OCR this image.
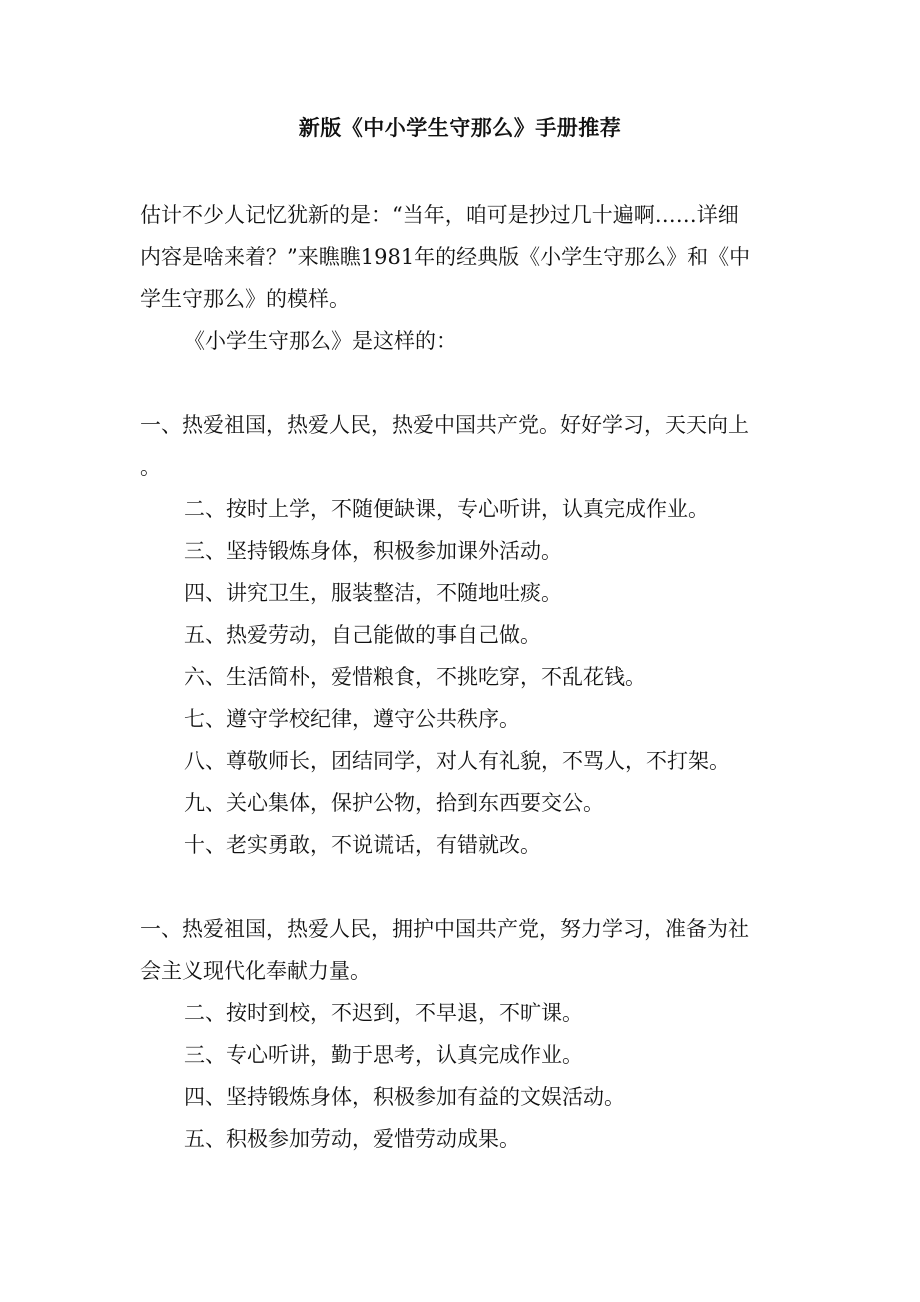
新版《中小学生守那么》手册推荐
估计不少人记忆犹新的是：“当年，咱可是抄过几十遍啊……详细
内容是啥来着？”来瞧瞧1981年的经典版《小学生守那么》和《中
学生守那么》的模样。
《小学生守那么》是这样的：
一、热爱祖国，热爱人民，热爱中国共产党。好好学习，天天向上
。
二、按时上学，不随便缺课，专心听讲，认真完成作业。
三、坚持锻炼身体，积极参加课外活动。
四、讲究卫生，服装整洁，不随地吐痰。
五、热爱劳动，自己能做的事自己做。
六、生活简朴，爱惜粮食，不挑吃穿，不乱花钱。
七、遵守学校纪律，遵守公共秩序。
八、尊敬师长，团结同学，对人有礼貌，不骂人，不打架。
九、关心集体，保护公物，拾到东西要交公。
十、老实勇敢，不说谎话，有错就改。
一、热爱祖国，热爱人民，拥护中国共产党，努力学习，准备为社
会主义现代化奉献力量。
二、按时到校，不迟到，不早退，不旷课。
三、专心听讲，勤于思考，认真完成作业。
四、坚持锻炼身体，积极参加有益的文娱活动。
五、积极参加劳动，爱惜劳动成果。
